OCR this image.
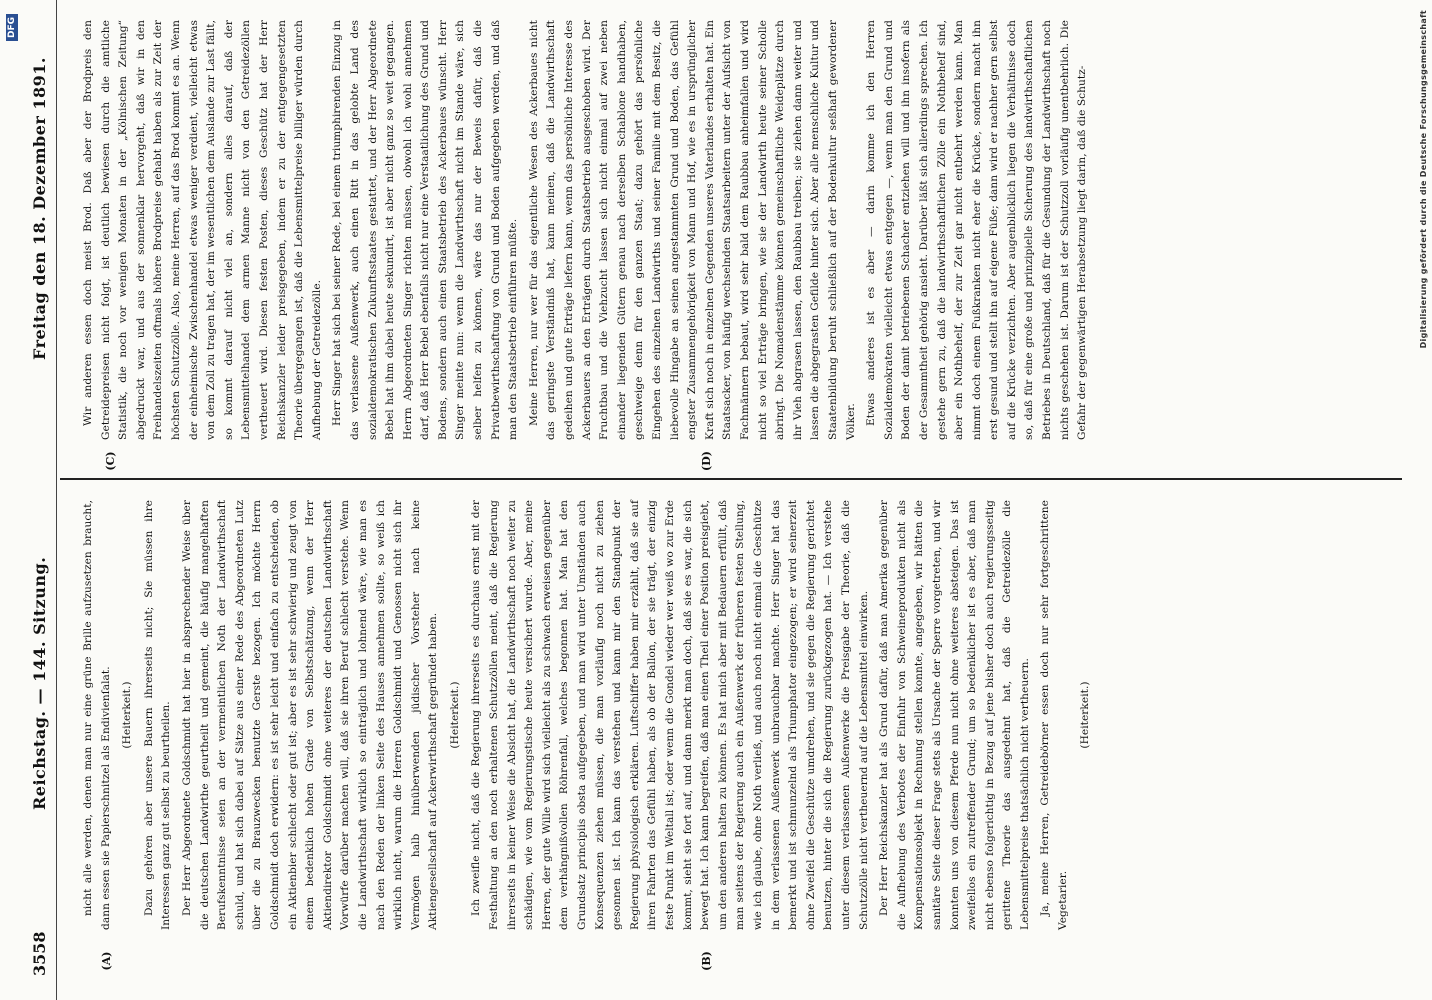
3558
Reichstag. — 144. Sitzung.
Freitag den 18. Dezember 1891.
(A)	(B)
(C)	(D)

nicht alle werden, denen man nur eine grüne Brille aufzusetzen braucht, dann essen sie Papierschnitzel als Endivienſalat. (Heiterkeit.) Dazu gehören aber unsere Bauern ihrerseits nicht; Sie müssen ihre Interessen ganz gut selbst zu beurtheilen. Der Herr Abgeordnete Goldschmidt hat hier in absprechender Weise über die deutschen Landwirthe geurtheilt und gemeint, die häufig mangelhaften Berufskenntnisse seien an der vermeintlichen Noth der Landwirthschaft schuld, und hat sich dabei auf Sätze aus einer Rede des Abgeordneten Lutz über die zu Brauzwecken benutzte Gerste bezogen. Ich möchte Herrn Goldschmidt doch erwidern: es ist sehr leicht und einfach zu entscheiden, ob ein Aktienbier schlecht oder gut ist; aber es ist sehr schwierig und zeugt von einem bedenklich hohen Grade von Selbstschätzung, wenn der Herr Aktiendirektor Goldschmidt ohne weiteres der deutschen Landwirthschaft Vorwürfe darüber machen will, daß sie ihren Beruf schlecht verstehe. Wenn die Landwirthschaft wirklich so einträglich und lohnend wäre, wie man es nach den Reden der linken Seite des Hauses annehmen sollte, so weiß ich wirklich nicht, warum die Herren Goldschmidt und Genossen nicht sich ihr Vermögen halb hinüberwenden jüdischer Vorsteher nach keine Aktiengesellschaft auf Ackerwirthschaft gegründet haben. (Heiterkeit.) Ich zweifle nicht, daß die Regierung ihrerseits es durchaus ernst mit der Festhaltung an den noch erhaltenen Schutzzöllen meint, daß die Regierung ihrerseits in keiner Weise die Absicht hat, die Landwirthschaft noch weiter zu schädigen, wie vom Regierungstische heute versichert wurde. Aber, meine Herren, der gute Wille wird sich vielleicht als zu schwach erweisen gegenüber dem verhängnißvollen Röhrenfall, welches begonnen hat. Man hat den Grundsatz principiis obsta aufgegeben, und man wird unter Umständen auch Konsequenzen ziehen müssen, die man vorläufig noch nicht zu ziehen gesonnen ist. Ich kann das verstehen und kann mir den Standpunkt der Regierung physiologisch erklären. Luftschiffer haben mir erzählt, daß sie auf ihren Fahrten das Gefühl haben, als ob der Ballon, der sie trägt, der einzig feste Punkt im Weltall ist; oder wenn die Gondel wieder wer weiß wo zur Erde kommt, sieht sie fort auf, und dann merkt man doch, daß sie es war, die sich bewegt hat. Ich kann begreifen, daß man einen Theil einer Position preisgiebt, um den anderen halten zu können. Es hat mich aber mit Bedauern erfüllt, daß man seitens der Regierung auch ein Außenwerk der früheren festen Stellung, wie ich glaube, ohne Noth verließ, und auch noch nicht einmal die Geschütze in dem verlassenen Außenwerk unbrauchbar machte. Herr Singer hat das bemerkt und ist schmunzelnd als Triumphator eingezogen; er wird seinerzeit ohne Zweifel die Geschütze umdrehen, und sie gegen die Regierung gerichtet benutzen, hinter die sich die Regierung zurückgezogen hat. — Ich verstehe unter diesem verlassenen Außenwerke die Preisgabe der Theorie, daß die Schutzzölle nicht vertheuernd auf die Lebensmittel einwirken. Der Herr Reichskanzler hat als Grund dafür, daß man Amerika gegenüber die Aufhebung des Verbotes der Einfuhr von Schweineprodukten nicht als Kompensationsobjekt in Rechnung stellen konnte, angegeben, wir hätten die sanitäre Seite dieser Frage stets als Ursache der Sperre vorgetreten, und wir konnten uns von diesem Pferde nun nicht ohne weiteres absteigen. Das ist zweifellos ein zutreffender Grund; um so bedenklicher ist es aber, daß man nicht ebenso folgerichtig in Bezug auf jene bisher doch auch regierungsseitig gerittene Theorie das ausgedehnt hat, daß die Getreidezölle die Lebensmittelpreise thatsächlich nicht vertheuern. Ja, meine Herren, Getreidebörner essen doch nur sehr fortgeschrittene Vegetarier.

(Heiterkeit.)

Wir anderen essen doch meist Brod. Daß aber der Brodpreis den Getreidepreisen nicht folgt, ist deutlich bewiesen durch die amtliche Statistik, die noch vor wenigen Monaten in der „Kölnischen Zeitung“ abgedruckt war, und aus der sonnenklar hervorgeht, daß wir in den Freihandelszeiten oftmals höhere Brodpreise gehabt haben als zur Zeit der höchsten Schutzzölle. Also, meine Herren, auf das Brod kommt es an. Wenn der einheimische Zwischenhandel etwas weniger verdient, vielleicht etwas von dem Zoll zu tragen hat, der im wesentlichen dem Auslande zur Last fällt, so kommt darauf nicht viel an, sondern alles darauf, daß der Lebensmittelhandel dem armen Manne nicht von den Getreidezöllen vertheuert wird. Diesen festen Posten, dieses Geschütz hat der Herr Reichskanzler leider preisgegeben, indem er zu der entgegengesetzten Theorie übergegangen ist, daß die Lebensmittelpreise billiger würden durch Aufhebung der Getreidezölle. Herr Singer hat sich bei seiner Rede, bei einem triumphirenden Einzug in das verlassene Außenwerk, auch einen Ritt in das gelobte Land des sozialdemokratischen Zukunftsstaates gestattet, und der Herr Abgeordnete Bebel hat ihm dabei heute sekundirt, ist aber nicht ganz so weit gegangen. Herrn Abgeordneten Singer richten müssen, obwohl ich wohl annehmen darf, daß Herr Bebel ebenfalls nicht nur eine Verstaatlichung des Grund und Bodens, sondern auch einen Staatsbetrieb des Ackerbaues wünscht. Herr Singer meinte nun: wenn die Landwirthschaft nicht im Stande wäre, sich selber helfen zu können, wäre das nur der Beweis dafür, daß die Privatbewirthschaftung von Grund und Boden aufgegeben werden, und daß man den Staatsbetrieb einführen müßte. Meine Herren, nur wer für das eigentliche Wesen des Ackerbaues nicht das geringste Verständniß hat, kann meinen, daß die Landwirthschaft gedeihen und gute Erträge liefern kann, wenn das persönliche Interesse des Ackerbauers an den Erträgen durch Staatsbetrieb ausgeschoben wird. Der Fruchtbau und die Viehzucht lassen sich nicht einmal auf zwei neben einander liegenden Gütern genau nach derselben Schablone handhaben, geschweige denn für den ganzen Staat; dazu gehört das persönliche Eingehen des einzelnen Landwirths und seiner Familie mit dem Besitz, die liebevolle Hingabe an seinen angestammten Grund und Boden, das Gefühl engster Zusammengehörigkeit von Mann und Hof, wie es in ursprünglicher Kraft sich noch in einzelnen Gegenden unseres Vaterlandes erhalten hat. Ein Staatsacker, von häufig wechselnden Staatsarbeitern unter der Aufsicht von Fachmännern bebaut, wird sehr bald dem Raubbau anheimfallen und wird nicht so viel Erträge bringen, wie sie der Landwirth heute seiner Scholle abringt. Die Nomadenstämme können gemeinschaftliche Weideplätze durch ihr Vieh abgrasen lassen, den Raubbau treiben; sie ziehen dann weiter und lassen die abgegrasten Gefilde hinter sich. Aber alle menschliche Kultur und Staatenbildung beruht schließlich auf der Bodenkultur seßhaft gewordener Völker. Etwas anderes ist es aber — darin komme ich den Herren Sozialdemokraten vielleicht etwas entgegen —, wenn man den Grund und Boden der damit betriebenen Schacher entziehen will und ihn insofern als der Gesammtheit gehörig ansieht. Darüber läßt sich allerdings sprechen. Ich gestehe gern zu, daß die landwirthschaftlichen Zölle ein Nothbehelf sind, aber ein Nothbehelf, der zur Zeit gar nicht entbehrt werden kann. Man nimmt doch einem Fußkranken nicht eher die Krücke, sondern macht ihn erst gesund und stellt ihn auf eigene Füße; dann wird er nachher gern selbst auf die Krücke verzichten. Aber augenblicklich liegen die Verhältnisse doch so, daß für eine große und prinzipielle Sicherung des landwirthschaftlichen Betriebes in Deutschland, daß für die Gesundung der Landwirthschaft noch nichts geschehen ist. Darum ist der Schutzzoll vorläufig unentbehrlich. Die Gefahr der gegenwärtigen Herabsetzung liegt darin, daß die Schutz-	Digitalisierung gefördert durch die Deutsche Forschungsgemeinschaft
DFG
